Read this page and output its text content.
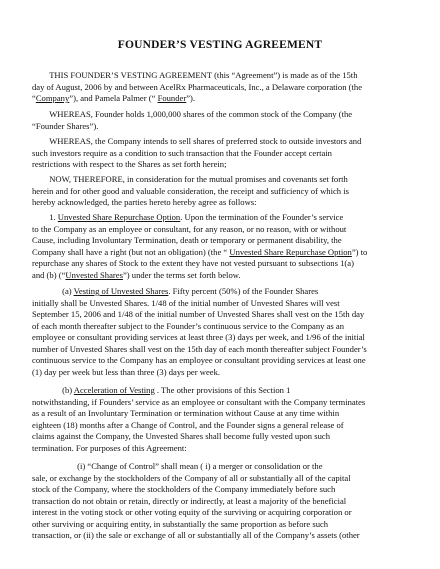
FOUNDER’S VESTING AGREEMENT
THIS FOUNDER’S VESTING AGREEMENT (this “Agreement”) is made as of the 15th
day of August, 2006 by and between AcelRx Pharmaceuticals, Inc., a Delaware corporation (the
“Company”), and Pamela Palmer (“ Founder”).
WHEREAS, Founder holds 1,000,000 shares of the common stock of the Company (the
“Founder Shares”).
WHEREAS, the Company intends to sell shares of preferred stock to outside investors and
such investors require as a condition to such transaction that the Founder accept certain
restrictions with respect to the Shares as set forth herein;
NOW, THEREFORE, in consideration for the mutual promises and covenants set forth
herein and for other good and valuable consideration, the receipt and sufficiency of which is
hereby acknowledged, the parties hereto hereby agree as follows:
1. Unvested Share Repurchase Option. Upon the termination of the Founder’s service
to the Company as an employee or consultant, for any reason, or no reason, with or without
Cause, including Involuntary Termination, death or temporary or permanent disability, the
Company shall have a right (but not an obligation) (the “ Unvested Share Repurchase Option”) to
repurchase any shares of Stock to the extent they have not vested pursuant to subsections 1(a)
and (b) (“Unvested Shares”) under the terms set forth below.
(a) Vesting of Unvested Shares. Fifty percent (50%) of the Founder Shares
initially shall be Unvested Shares. 1/48 of the initial number of Unvested Shares will vest
September 15, 2006 and 1/48 of the initial number of Unvested Shares shall vest on the 15th day
of each month thereafter subject to the Founder’s continuous service to the Company as an
employee or consultant providing services at least three (3) days per week, and 1/96 of the initial
number of Unvested Shares shall vest on the 15th day of each month thereafter subject Founder’s
continuous service to the Company has an employee or consultant providing services at least one
(1) day per week but less than three (3) days per week.
(b) Acceleration of Vesting . The other provisions of this Section 1
notwithstanding, if Founders’ service as an employee or consultant with the Company terminates
as a result of an Involuntary Termination or termination without Cause at any time within
eighteen (18) months after a Change of Control, and the Founder signs a general release of
claims against the Company, the Unvested Shares shall become fully vested upon such
termination. For purposes of this Agreement:
(i) “Change of Control” shall mean ( i) a merger or consolidation or the
sale, or exchange by the stockholders of the Company of all or substantially all of the capital
stock of the Company, where the stockholders of the Company immediately before such
transaction do not obtain or retain, directly or indirectly, at least a majority of the beneficial
interest in the voting stock or other voting equity of the surviving or acquiring corporation or
other surviving or acquiring entity, in substantially the same proportion as before such
transaction, or (ii) the sale or exchange of all or substantially all of the Company’s assets (other
